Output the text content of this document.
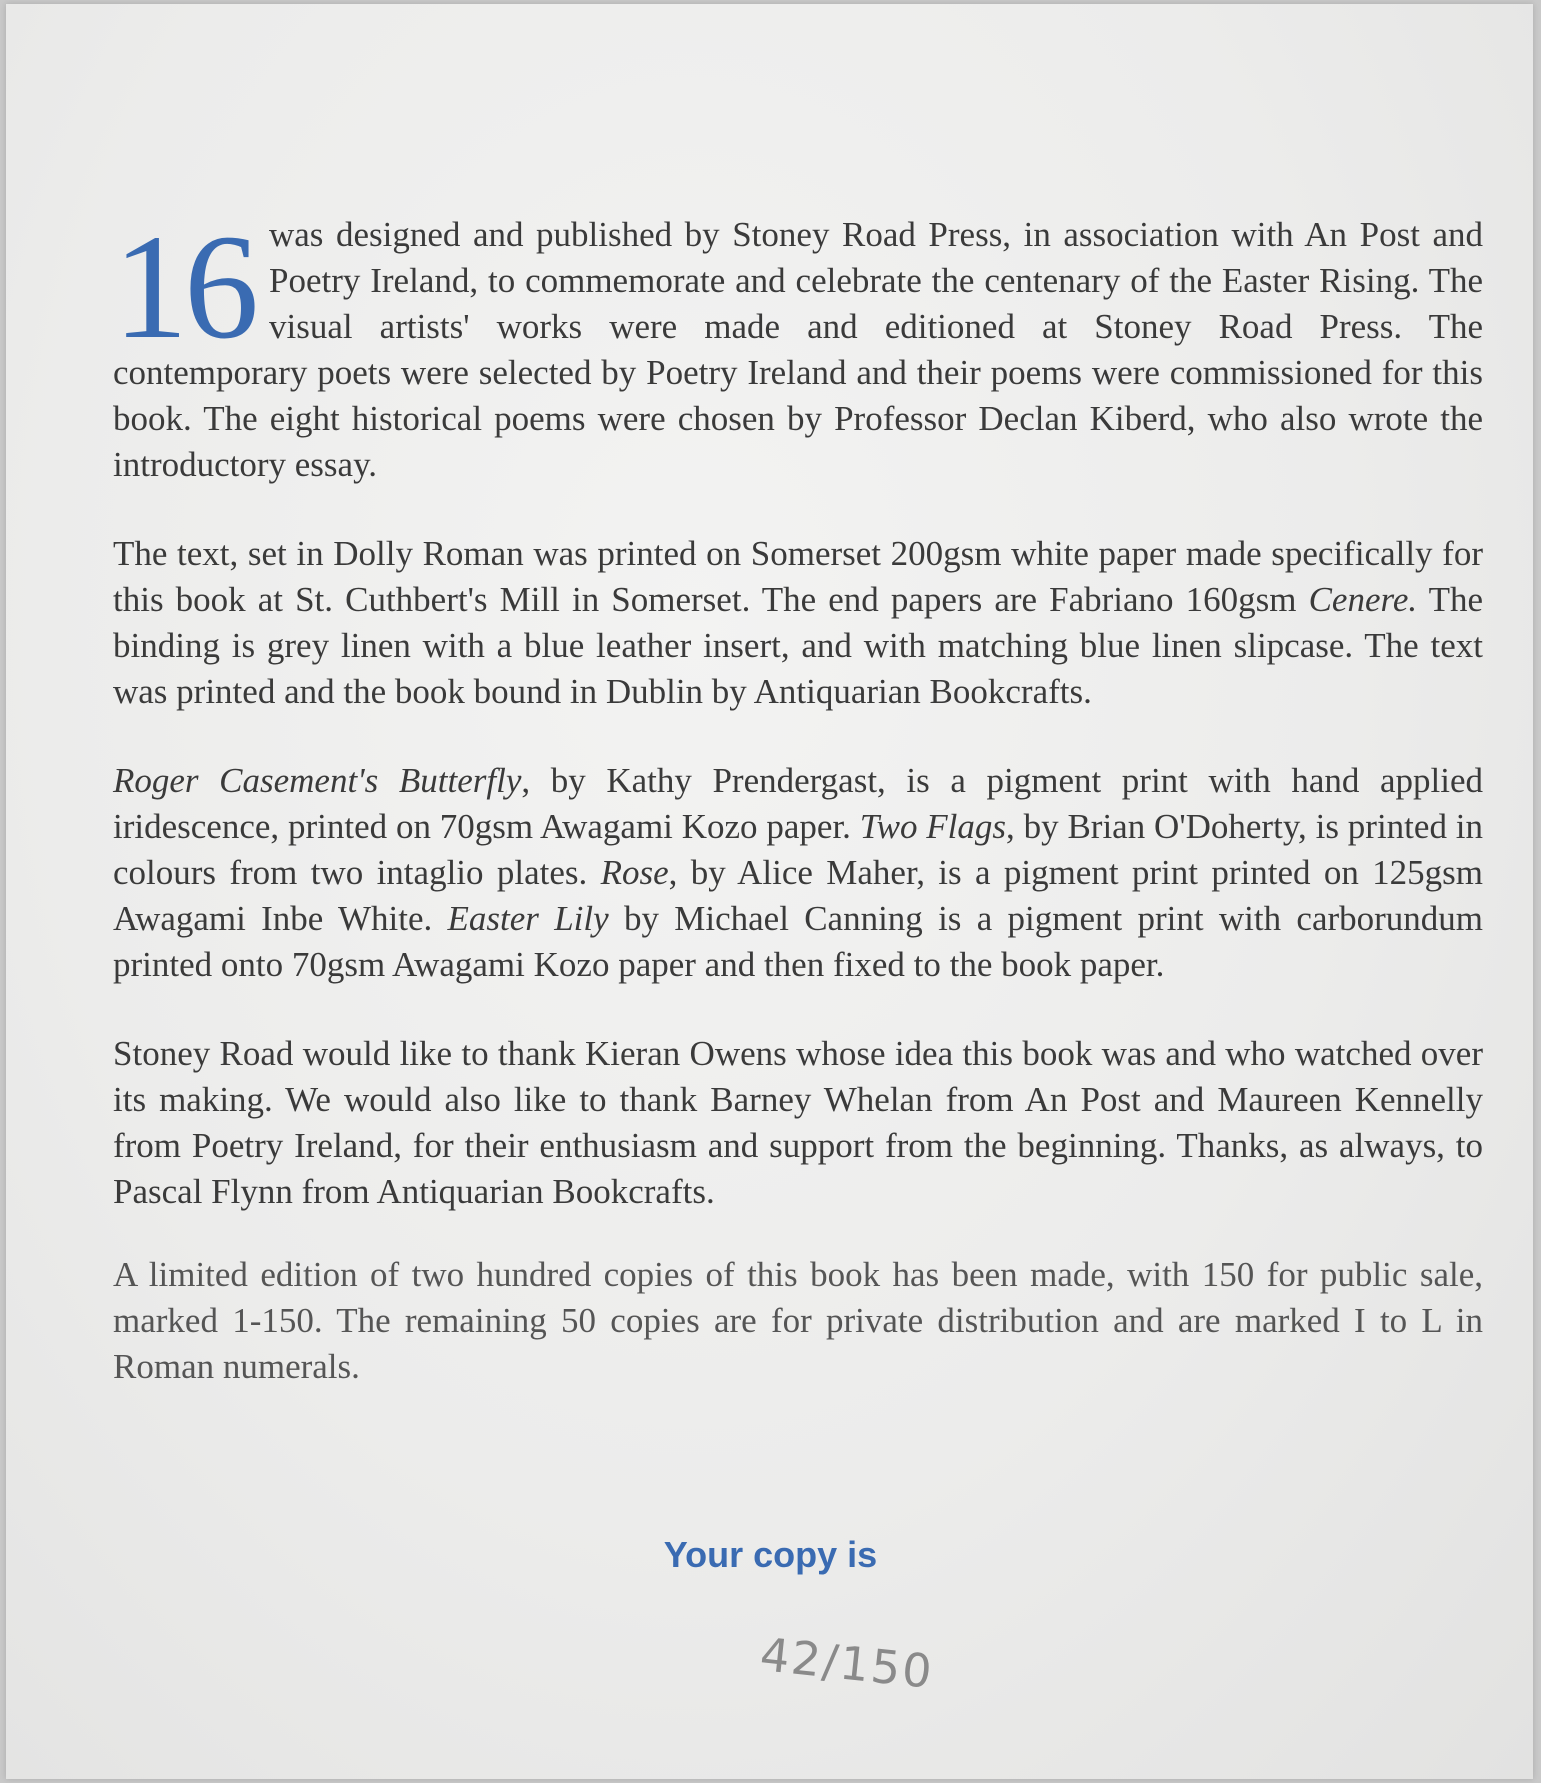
16 was designed and published by Stoney Road Press, in association with An Post and Poetry Ireland, to commemorate and celebrate the centenary of the Easter Rising. The visual artists' works were made and editioned at Stoney Road Press. The contemporary poets were selected by Poetry Ireland and their poems were commissioned for this book. The eight historical poems were chosen by Professor Declan Kiberd, who also wrote the introductory essay.

The text, set in Dolly Roman was printed on Somerset 200gsm white paper made specifically for this book at St. Cuthbert's Mill in Somerset. The end papers are Fabriano 160gsm Cenere. The binding is grey linen with a blue leather insert, and with matching blue linen slipcase. The text was printed and the book bound in Dublin by Antiquarian Bookcrafts.

Roger Casement's Butterfly, by Kathy Prendergast, is a pigment print with hand applied iridescence, printed on 70gsm Awagami Kozo paper. Two Flags, by Brian O'Doherty, is printed in colours from two intaglio plates. Rose, by Alice Maher, is a pigment print printed on 125gsm Awagami Inbe White. Easter Lily by Michael Canning is a pigment print with carborundum printed onto 70gsm Awagami Kozo paper and then fixed to the book paper.

Stoney Road would like to thank Kieran Owens whose idea this book was and who watched over its making. We would also like to thank Barney Whelan from An Post and Maureen Kennelly from Poetry Ireland, for their enthusiasm and support from the beginning. Thanks, as always, to Pascal Flynn from Antiquarian Bookcrafts.

A limited edition of two hundred copies of this book has been made, with 150 for public sale, marked 1-150. The remaining 50 copies are for private distribution and are marked I to L in Roman numerals.

Your copy is
42/150
